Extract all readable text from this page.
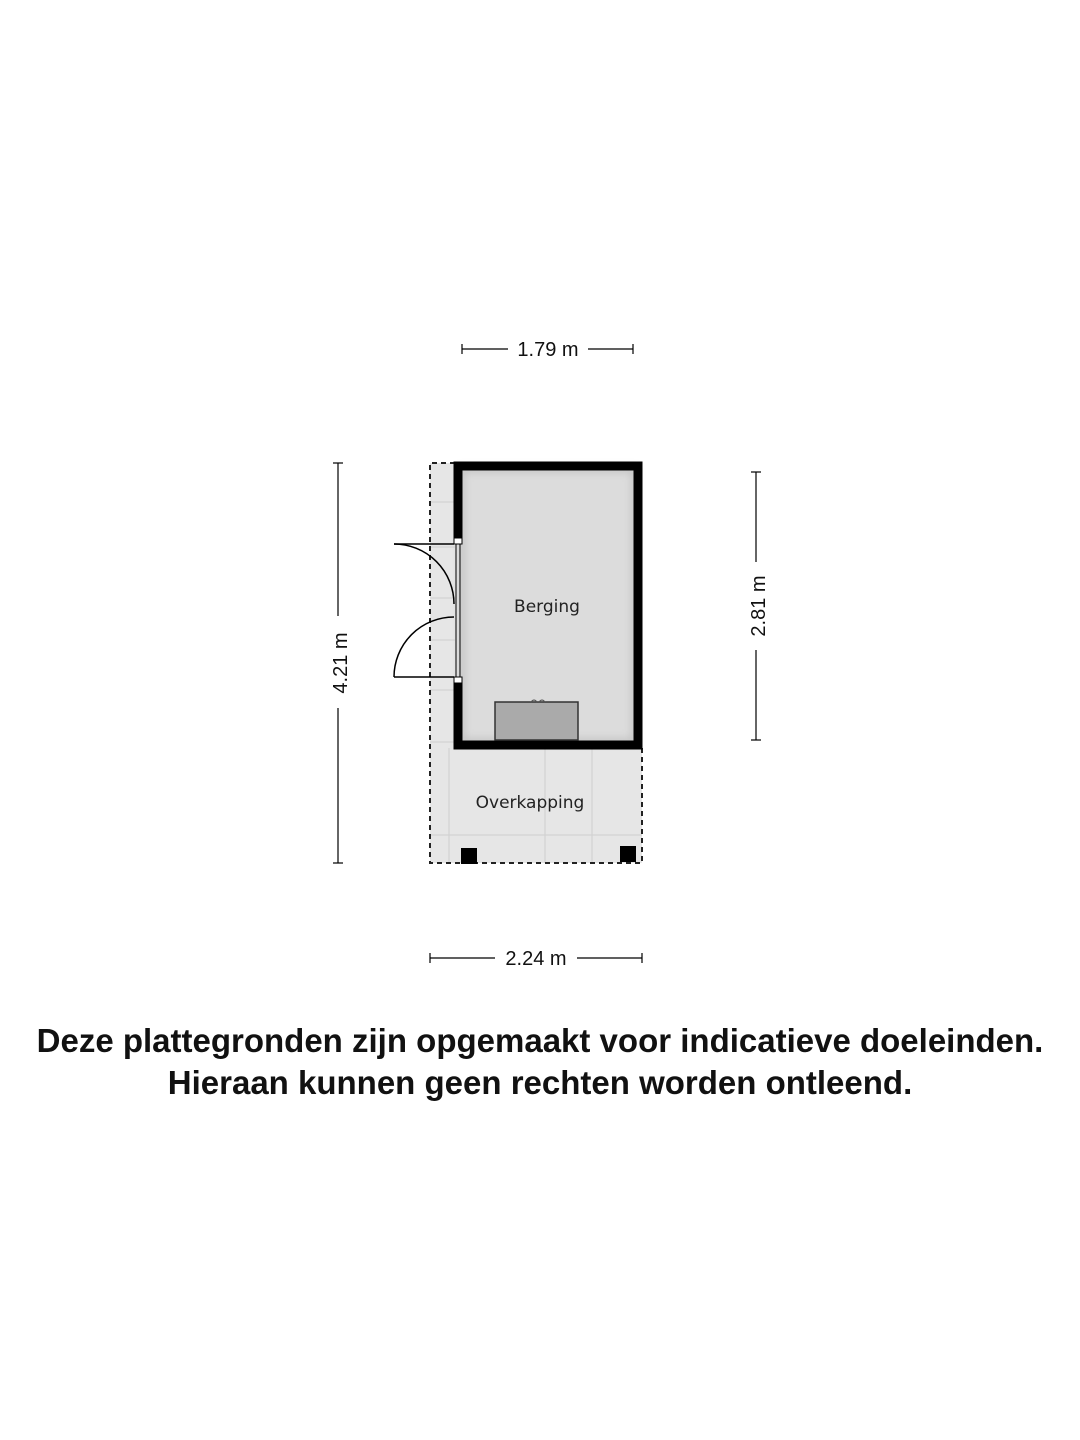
Berging
Overkapping
1.79 m
4.21 m
2.81 m
2.24 m
Deze plattegronden zijn opgemaakt voor indicatieve doeleinden.
Hieraan kunnen geen rechten worden ontleend.
